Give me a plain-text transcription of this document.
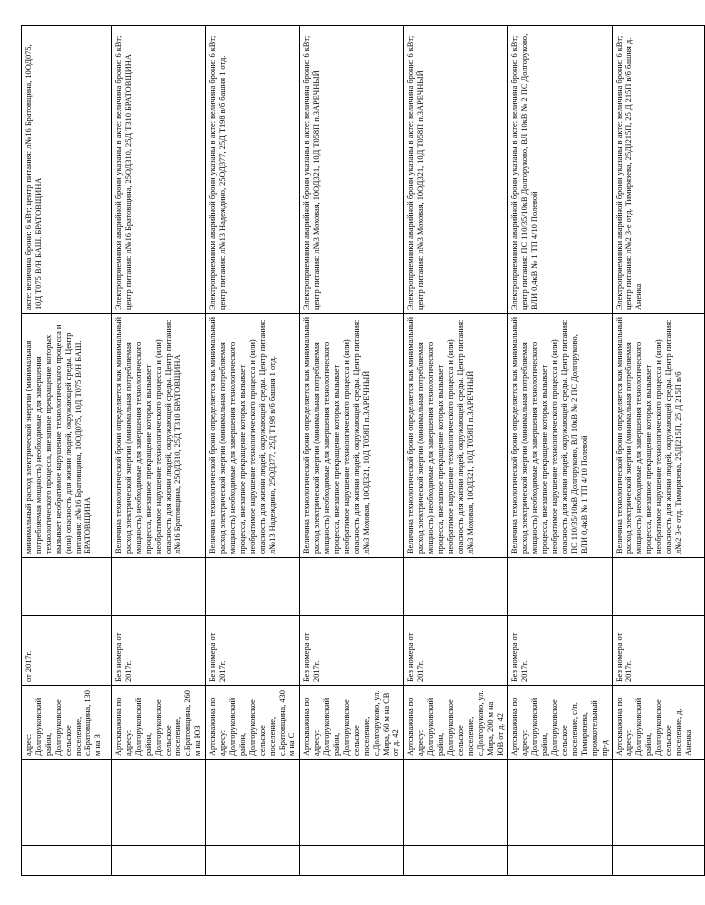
		адрес: Долгоруковский район, Долгоруковское сельское поселение, с.Братовщина, 130 м на З	от 2017г.		минимальный расход электрической энергии (минимальная потребляемая мощность) необходимые для завершения технологического процесса, внезапное прекращение которых вызывает необратимое нарушение технологического процесса и (или) опасность для жизни людей, окружающей среды. Центр питания: л№16 Братовщина, 10ОД075, 10Д Т075 В/Н БАШ. БРАТОВЩИНА	акте: величина брони: 6 кВт; центр питания: л№16 Братовщина, 10ОД075, 10Д Т075 В/Н БАШ. БРАТОВЩИНА

		Артскважина по адресу: Долгоруковский район, Долгоруковское сельское поселение, с.Братовщина, 260 м на ЮЗ	Без номера от 2017г.		Величина технологической брони определяется как минимальный расход электрической энергии (минимальная потребляемая мощность) необходимые для завершения технологического процесса, внезапное прекращение которых вызывает необратимое нарушение технологического процесса и (или) опасность для жизни людей, окружающей среды. Центр питания: л№16 Братовщина, 25ОД310, 25Д Т310 БРАТОВЩИНА	Электроприемники аварийной брони указаны в акте: величина брони: 6 кВт; центр питания: л№16 Братовщина, 25ОД310, 25Д Т310 БРАТОВЩИНА

		Артскважина по адресу: Долгоруковский район, Долгоруковское сельское поселение, с.Братовщина, 430 м на С	Без номера от 2017г.		Величина технологической брони определяется как минимальный расход электрической энергии (минимальная потребляемая мощность) необходимые для завершения технологического процесса, внезапное прекращение которых вызывает необратимое нарушение технологического процесса и (или) опасность для жизни людей, окружающей среды. Центр питания: л№13 Надеждино, 25ОД377, 25Д Т198 в/б башня 1 отд.	Электроприемники аварийной брони указаны в акте: величина брони: 6 кВт; центр питания: л№13 Надеждино, 25ОД377, 25Д Т198 в/б башня 1 отд.

		Артскважина по адресу: Долгоруковский район, Долгоруковское сельское поселение, с.Долгоруково, ул. Мира, 60 м на СВ от д. 42	Без номера от 2017г.		Величина технологической брони определяется как минимальный расход электрической энергии (минимальная потребляемая мощность) необходимые для завершения технологического процесса, внезапное прекращение которых вызывает необратимое нарушение технологического процесса и (или) опасность для жизни людей, окружающей среды. Центр питания: л№3 Моховая, 10ОД321, 10Д Т058П п.ЗАРЕЧНЫЙ	Электроприемники аварийной брони указаны в акте: величина брони: 6 кВт; центр питания: л№3 Моховая, 10ОД321, 10Д Т058П п.ЗАРЕЧНЫЙ

		Артскважина по адресу: Долгоруковский район, Долгоруковское сельское поселение, с.Долгоруково, ул. Мира, 200 м на ЮВ от д. 42	Без номера от 2017г.		Величина технологической брони определяется как минимальный расход электрической энергии (минимальная потребляемая мощность) необходимые для завершения технологического процесса, внезапное прекращение которых вызывает необратимое нарушение технологического процесса и (или) опасность для жизни людей, окружающей среды. Центр питания: л№3 Моховая, 10ОД321, 10Д Т058П п.ЗАРЕЧНЫЙ	Электроприемники аварийной брони указаны в акте: величина брони: 6 кВт; центр питания: л№3 Моховая, 10ОД321, 10Д Т058П п.ЗАРЕЧНЫЙ

		Артскважина по адресу: Долгоруковский район, Долгоруковское сельское поселение, с/п. Тимирязева, промкотельный пр-д	Без номера от 2017г.		Величина технологической брони определяется как минимальный расход электрической энергии (минимальная потребляемая мощность) необходимые для завершения технологического процесса, внезапное прекращение которых вызывает необратимое нарушение технологического процесса и (или) опасность для жизни людей, окружающей среды. Центр питания: ПС 110/35/10кВ Долгоруково, ВЛ 10кВ № 2 ПС Долгоруково, ВЛИ 0,4кВ № 1 ТП 4/10 Полевой	Электроприемники аварийной брони указаны в акте: величина брони: 6 кВт; центр питания: ПС 110/35/10кВ Долгоруково, ВЛ 10кВ № 2 ПС Долгоруково, ВЛИ 0,4кВ № 1 ТП 4/10 Полевой

		Артскважина по адресу: Долгоруковский район, Долгоруковское сельское поселение, д. Аненка	Без номера от 2017г.		Величина технологической брони определяется как минимальный расход электрической энергии (минимальная потребляемая мощность) необходимые для завершения технологического процесса, внезапное прекращение которых вызывает необратимое нарушение технологического процесса и (или) опасность для жизни людей, окружающей среды. Центр питания: л№2 3-е отд. Тимирязева, 25ДI215П, 25 Д 215П в/б	Электроприемники аварийной брони указаны в акте: величина брони: 6 кВт; центр питания: л№2 3-е отд. Тимирязева, 25ДI215П, 25 Д 215П в/б башня д. Аненка
